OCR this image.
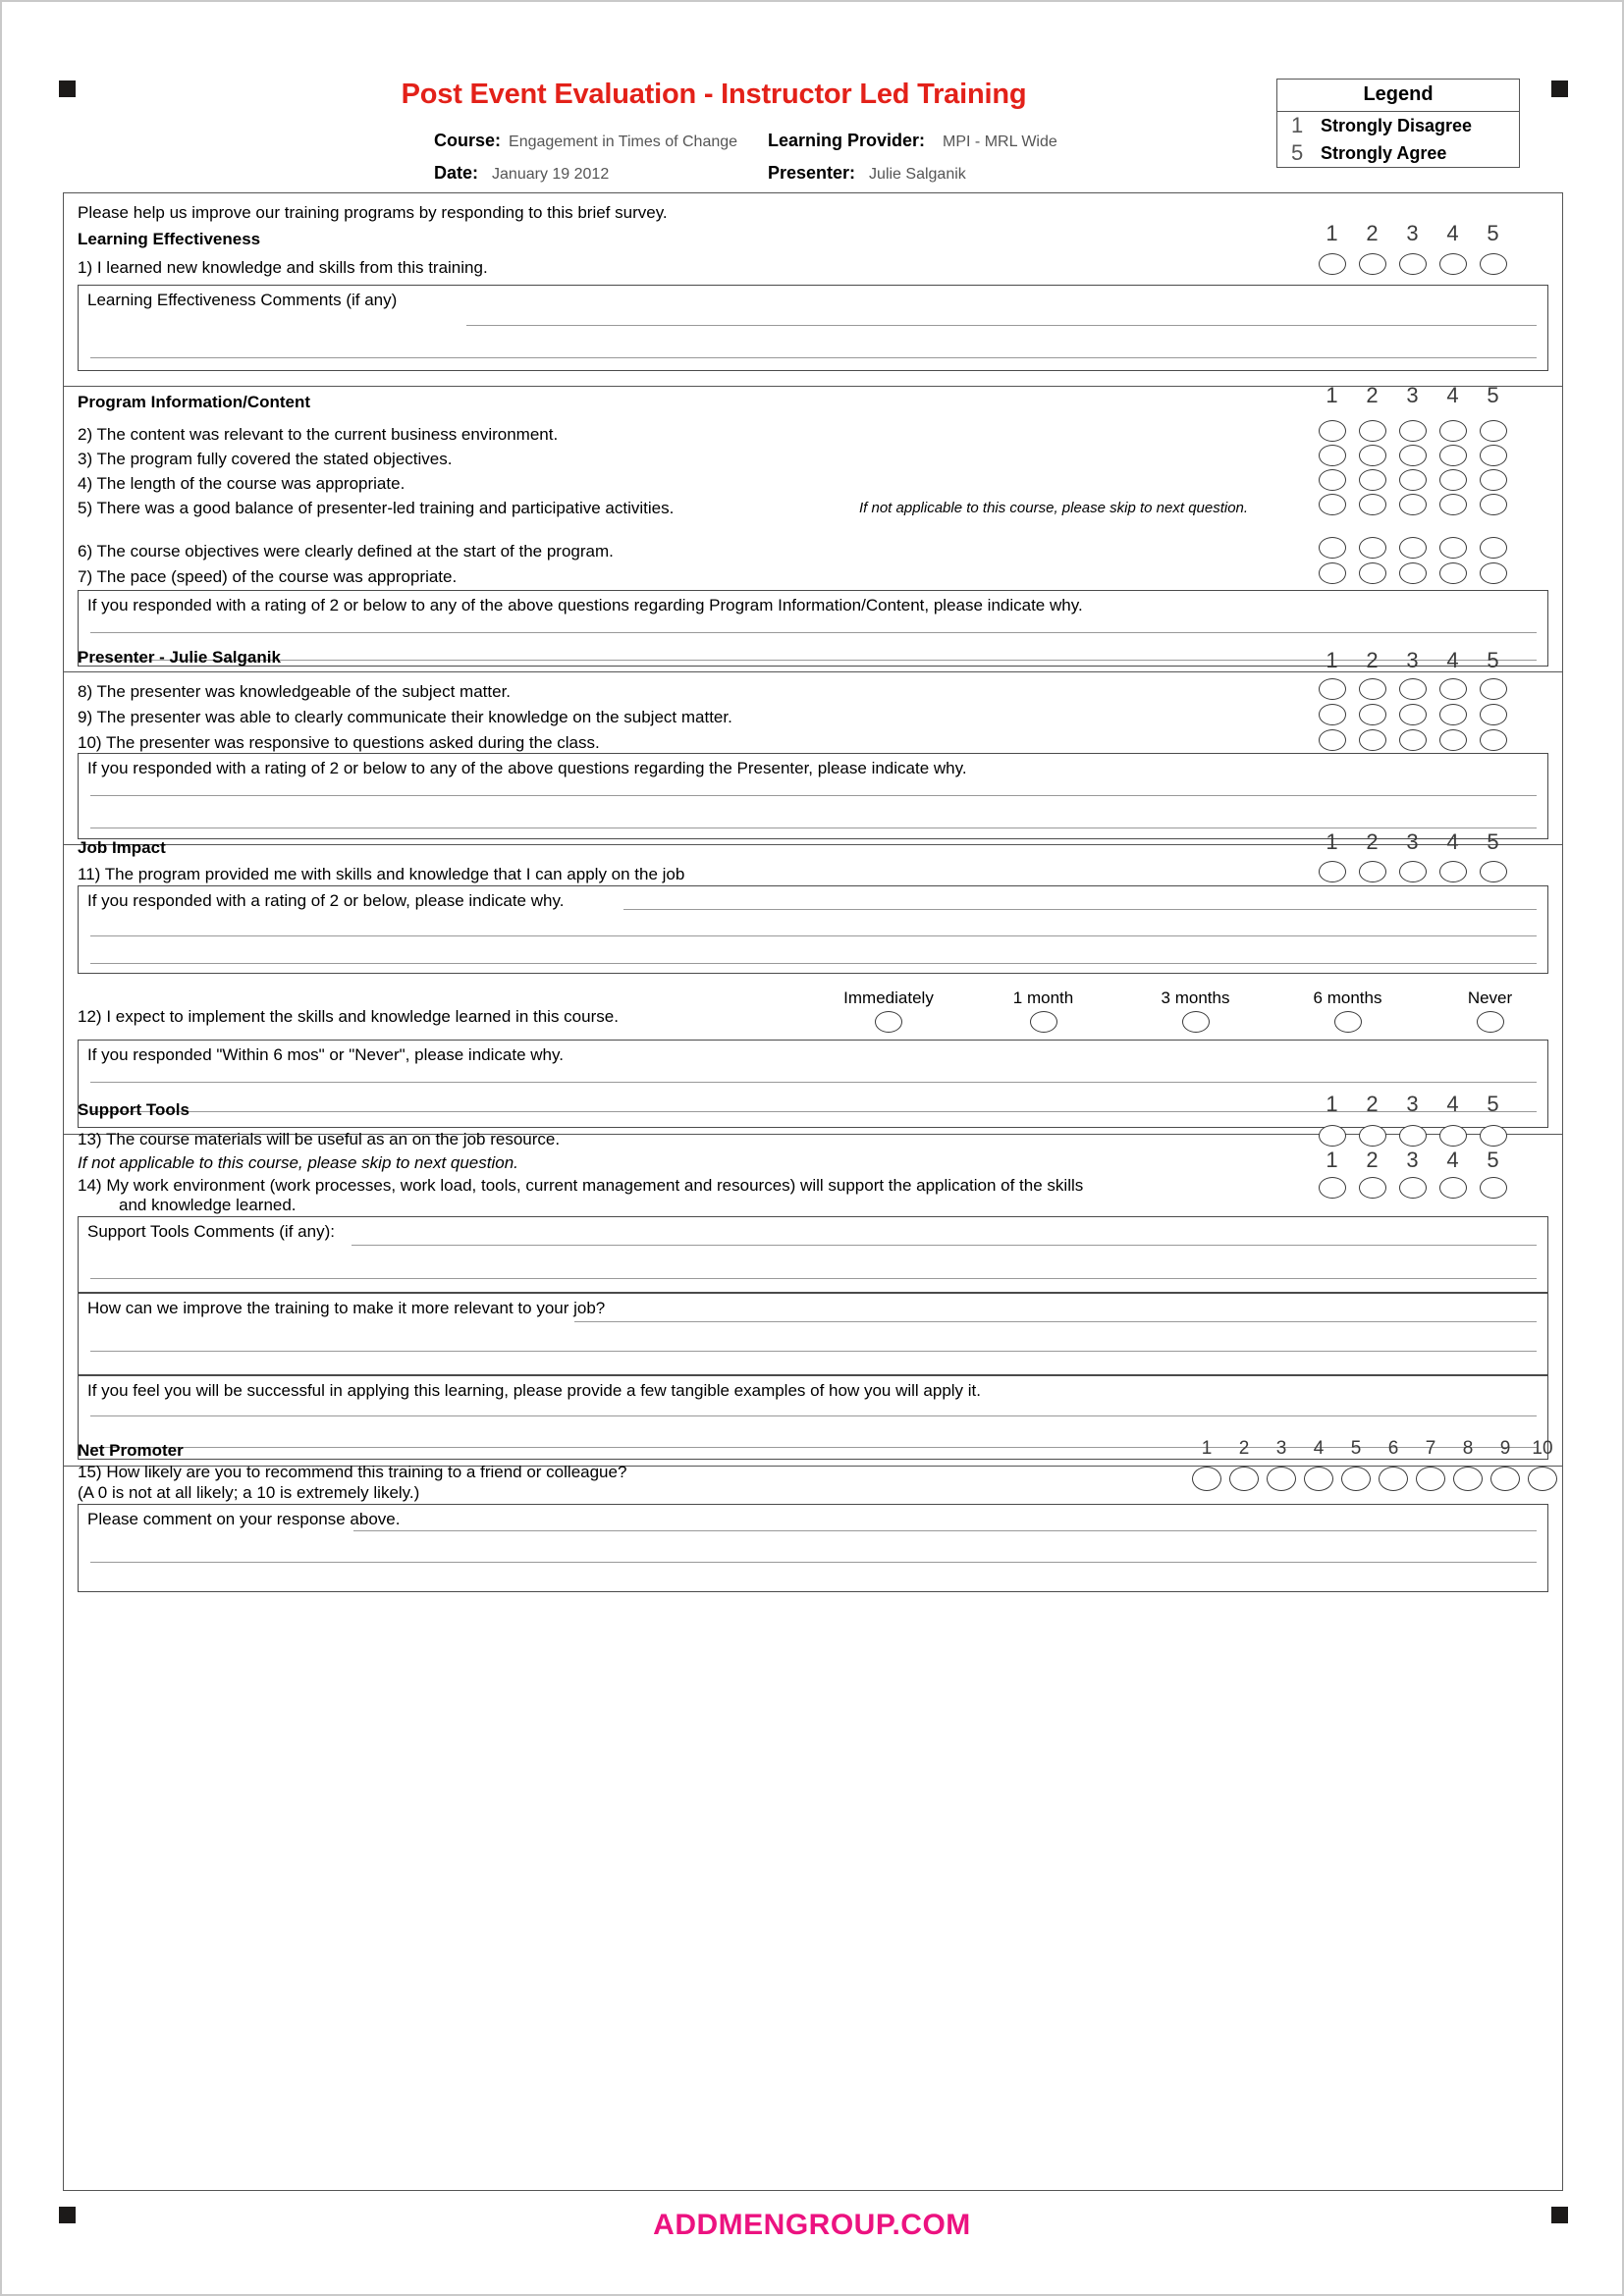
Post Event Evaluation - Instructor Led Training
Course: Engagement in Times of Change Learning Provider: MPI - MRL Wide
Date: January 19 2012	Presenter: Julie Salganik
Legend
1 Strongly Disagree
5 Strongly Agree
Please help us improve our training programs by responding to this brief survey.
Learning Effectiveness	1	2	3	4	5
1) I learned new knowledge and skills from this training.
Learning Effectiveness Comments (if any)
Program Information/Content	1	2	3	4	5
2) The content was relevant to the current business environment.
3) The program fully covered the stated objectives.
4) The length of the course was appropriate.
5) There was a good balance of presenter-led training and participative activities.	If not applicable to this course, please skip to next question.
6) The course objectives were clearly defined at the start of the program.
7) The pace (speed) of the course was appropriate.
If you responded with a rating of 2 or below to any of the above questions regarding Program Information/Content, please indicate why.
Presenter - Julie Salganik	1	2	3	4	5
8) The presenter was knowledgeable of the subject matter.
9) The presenter was able to clearly communicate their knowledge on the subject matter.
10) The presenter was responsive to questions asked during the class.
If you responded with a rating of 2 or below to any of the above questions regarding the Presenter, please indicate why.
Job Impact	1	2	3	4	5
11) The program provided me with skills and knowledge that I can apply on the job
If you responded with a rating of 2 or below, please indicate why.
Immediately	1 month	3 months	6 months	Never
12) I expect to implement the skills and knowledge learned in this course.
If you responded "Within 6 mos" or "Never", please indicate why.
Support Tools	1	2	3	4	5
13) The course materials will be useful as an on the job resource.
If not applicable to this course, please skip to next question.	1	2	3	4	5
14) My work environment (work processes, work load, tools, current management and resources) will support the application of the skills
and knowledge learned.
Support Tools Comments (if any):
How can we improve the training to make it more relevant to your job?
If you feel you will be successful in applying this learning, please provide a few tangible examples of how you will apply it.
Net Promoter	1	2	3	4	5	6	7	8	9	10
15) How likely are you to recommend this training to a friend or colleague?
(A 0 is not at all likely; a 10 is extremely likely.)
Please comment on your response above.
ADDMENGROUP.COM
